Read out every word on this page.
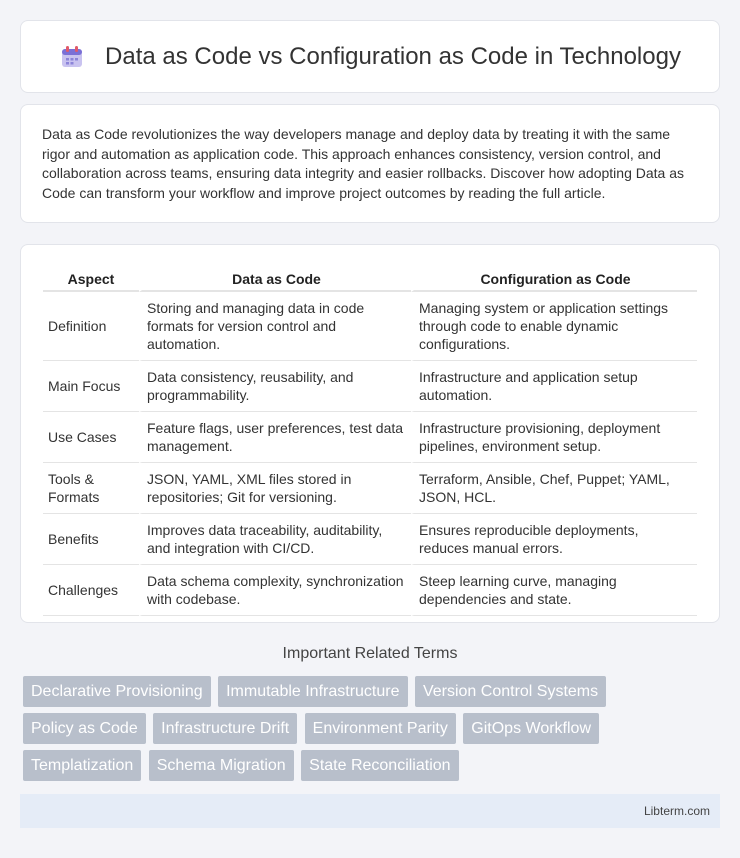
Data as Code vs Configuration as Code in Technology

Data as Code revolutionizes the way developers manage and deploy data by treating it with the same rigor and automation as application code. This approach enhances consistency, version control, and collaboration across teams, ensuring data integrity and easier rollbacks. Discover how adopting Data as Code can transform your workflow and improve project outcomes by reading the full article.

Aspect	Data as Code	Configuration as Code
Definition	Storing and managing data in code formats for version control and automation.	Managing system or application settings through code to enable dynamic configurations.
Main Focus	Data consistency, reusability, and programmability.	Infrastructure and application setup automation.
Use Cases	Feature flags, user preferences, test data management.	Infrastructure provisioning, deployment pipelines, environment setup.
Tools & Formats	JSON, YAML, XML files stored in repositories; Git for versioning.	Terraform, Ansible, Chef, Puppet; YAML, JSON, HCL.
Benefits	Improves data traceability, auditability, and integration with CI/CD.	Ensures reproducible deployments, reduces manual errors.
Challenges	Data schema complexity, synchronization with codebase.	Steep learning curve, managing dependencies and state.
Important Related Terms
Declarative Provisioning Immutable Infrastructure Version Control Systems
Policy as Code Infrastructure Drift Environment Parity GitOps Workflow
Templatization Schema Migration State Reconciliation
Libterm.com
